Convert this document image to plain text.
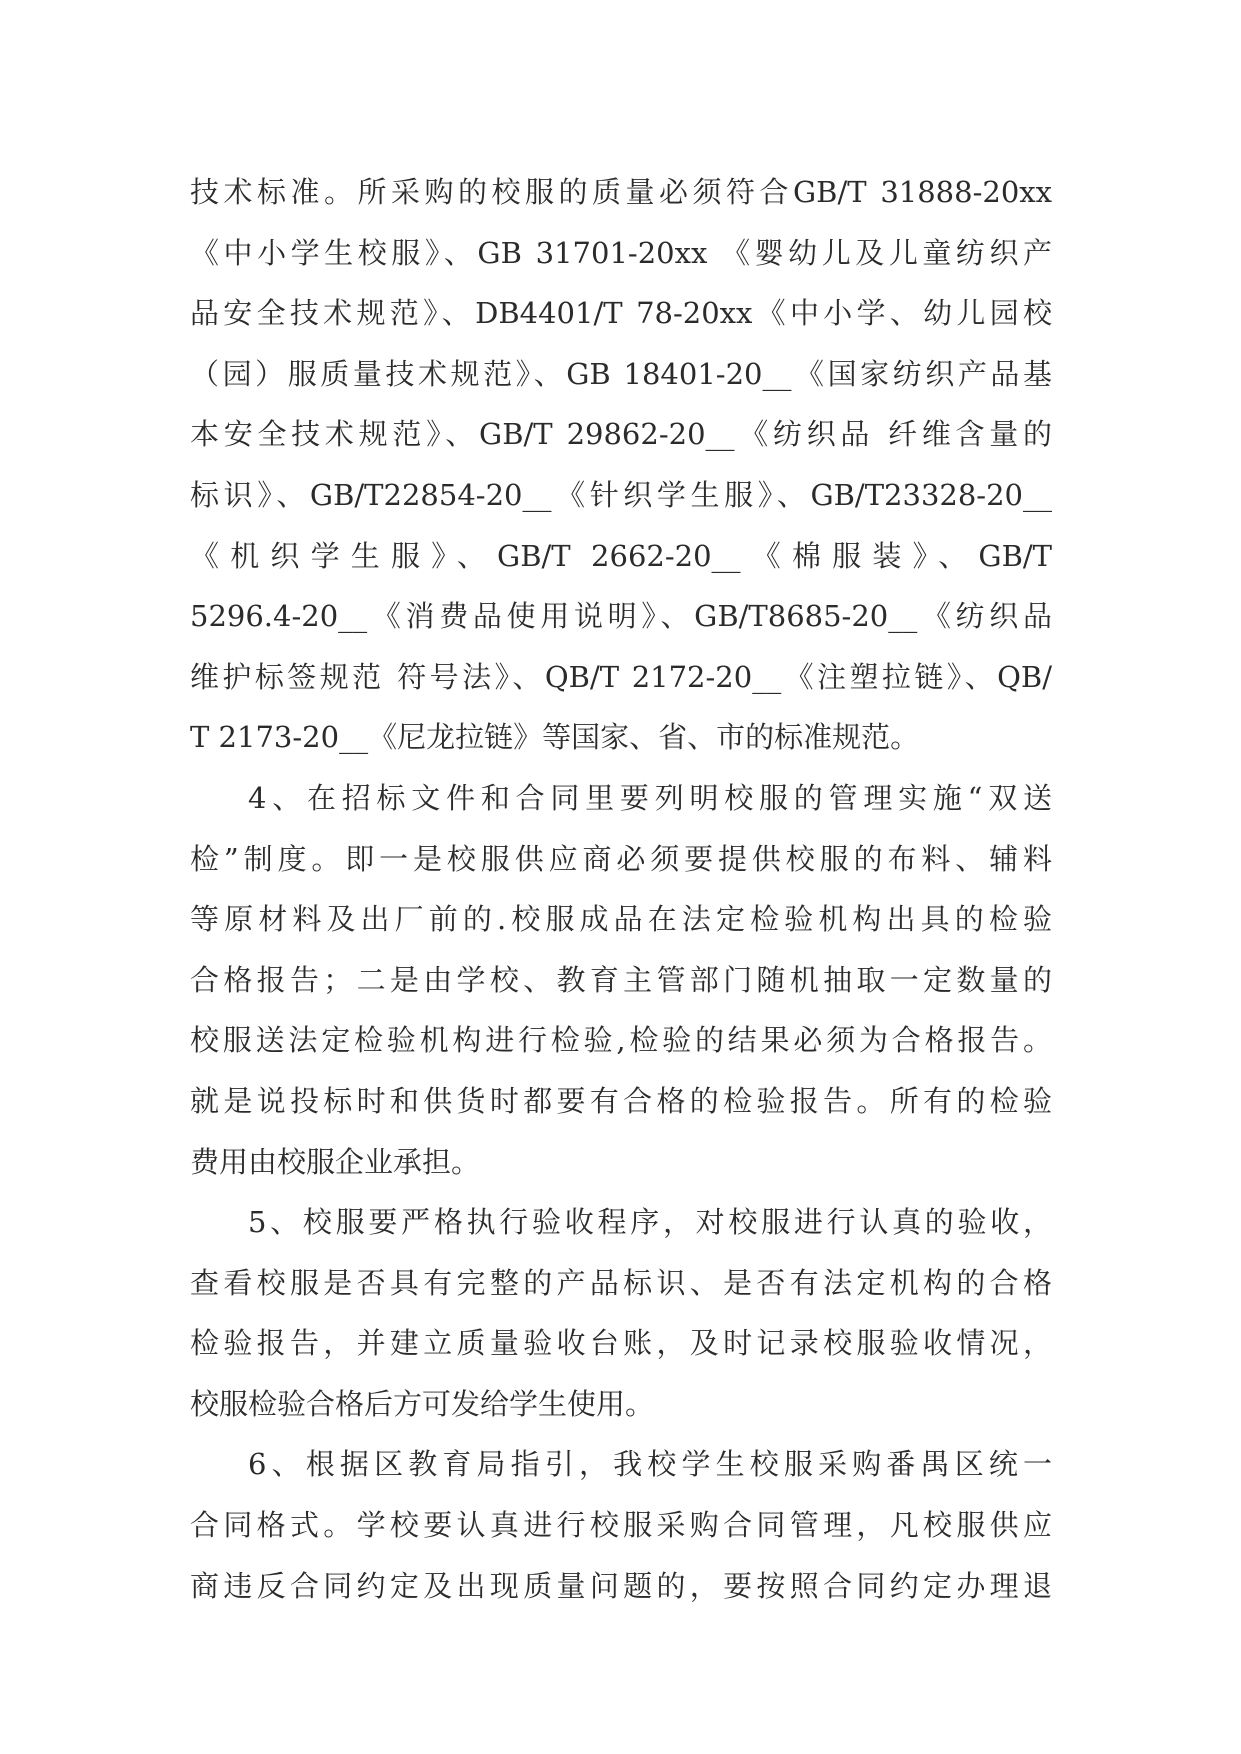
技术标准。所采购的校服的质量必须符合GB/T 31888-20xx
《中小学生校服》、GB 31701-20xx 《婴幼儿及儿童纺织产
品安全技术规范》、DB4401/T 78-20xx《中小学、幼儿园校
（园）服质量技术规范》、GB 18401-20__《国家纺织产品基
本安全技术规范》、GB/T 29862-20__《纺织品 纤维含量的
标识》、GB/T22854-20__《针织学生服》、GB/T23328-20__
《机织学生服》、GB/T 2662-20__《棉服装》、GB/T
5296.4-20__《消费品使用说明》、GB/T8685-20__《纺织品
维护标签规范 符号法》、QB/T 2172-20__《注塑拉链》、QB/
T 2173-20__《尼龙拉链》等国家、省、市的标准规范。
4、在招标文件和合同里要列明校服的管理实施“双送
检”制度。即一是校服供应商必须要提供校服的布料、辅料
等原材料及出厂前的.校服成品在法定检验机构出具的检验
合格报告；二是由学校、教育主管部门随机抽取一定数量的
校服送法定检验机构进行检验,检验的结果必须为合格报告。
就是说投标时和供货时都要有合格的检验报告。所有的检验
费用由校服企业承担。
5、校服要严格执行验收程序，对校服进行认真的验收，
查看校服是否具有完整的产品标识、是否有法定机构的合格
检验报告，并建立质量验收台账，及时记录校服验收情况，
校服检验合格后方可发给学生使用。
6、根据区教育局指引，我校学生校服采购番禺区统一
合同格式。学校要认真进行校服采购合同管理，凡校服供应
商违反合同约定及出现质量问题的，要按照合同约定办理退
